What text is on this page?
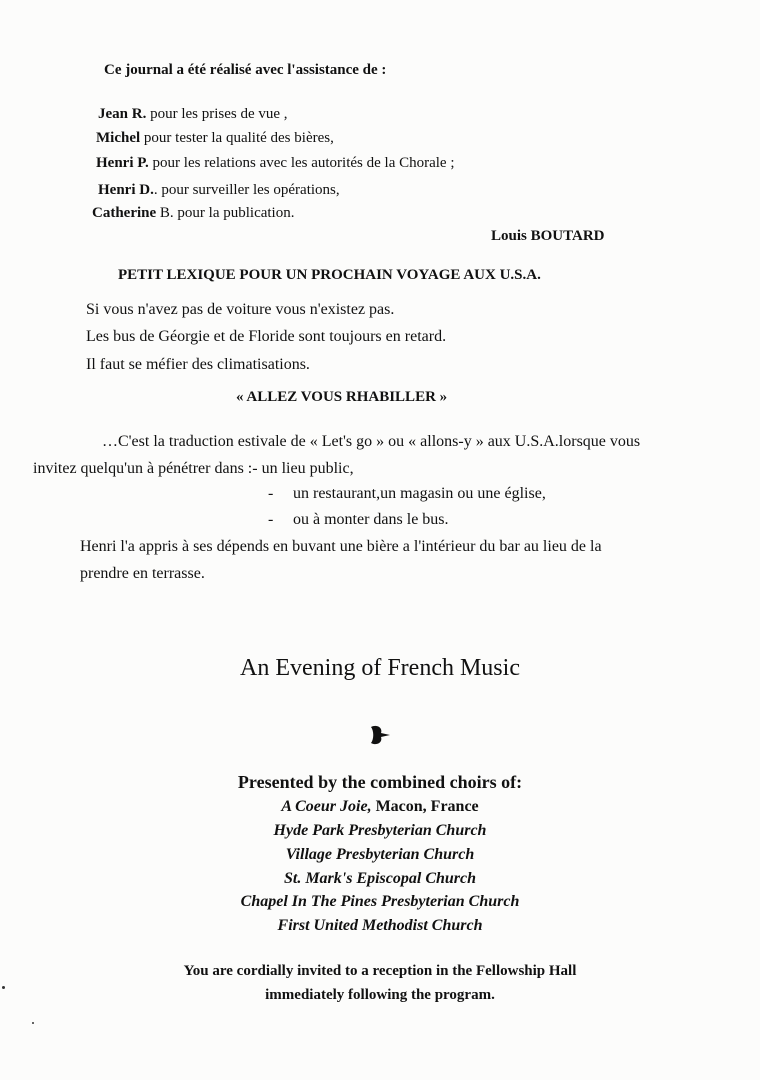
Ce journal a été réalisé avec l'assistance de :
Jean R. pour les prises de vue ,
Michel pour tester la qualité des bières,
Henri P. pour les relations avec les autorités de la Chorale ;
Henri D.. pour surveiller les opérations,
Catherine B. pour la publication.
Louis BOUTARD
PETIT LEXIQUE POUR UN PROCHAIN VOYAGE AUX U.S.A.
Si vous n'avez pas de voiture vous n'existez pas.
Les bus de Géorgie et de Floride sont toujours en retard.
Il faut se méfier des climatisations.
« ALLEZ VOUS RHABILLER »
…C'est la traduction estivale de « Let's go » ou « allons-y » aux U.S.A.lorsque vous
invitez quelqu'un à pénétrer dans :- un lieu public,
- un restaurant,un magasin ou une église,
- ou à monter dans le bus.
Henri l'a appris à ses dépends en buvant une bière a l'intérieur du bar au lieu de la
prendre en terrasse.
An Evening of French Music
Presented by the combined choirs of:
A Coeur Joie, Macon, France
Hyde Park Presbyterian Church
Village Presbyterian Church
St. Mark's Episcopal Church
Chapel In The Pines Presbyterian Church
First United Methodist Church
You are cordially invited to a reception in the Fellowship Hall
immediately following the program.
